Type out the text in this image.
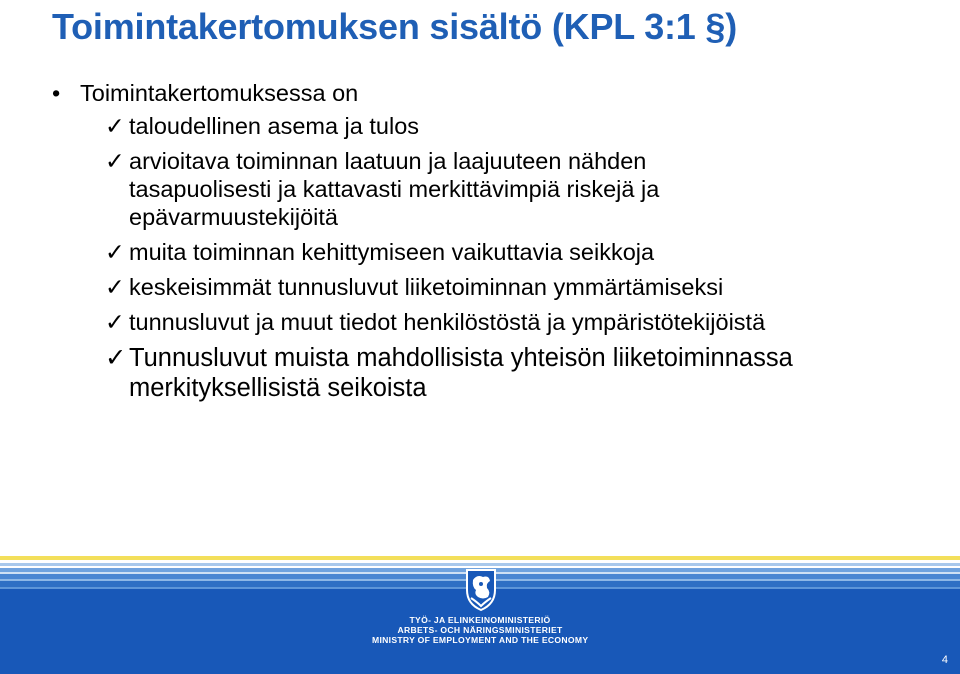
Toimintakertomuksen sisältö (KPL 3:1 §)
• Toimintakertomuksessa on
✓ taloudellinen asema ja tulos
✓ arvioitava toiminnan laatuun ja laajuuteen nähden
tasapuolisesti ja kattavasti merkittävimpiä riskejä ja
epävarmuustekijöitä
✓ muita toiminnan kehittymiseen vaikuttavia seikkoja
✓ keskeisimmät tunnusluvut liiketoiminnan ymmärtämiseksi
✓ tunnusluvut ja muut tiedot henkilöstöstä ja ympäristötekijöistä
✓ Tunnusluvut muista mahdollisista yhteisön liiketoiminnassa
merkityksellisistä seikoista
TYÖ- JA ELINKEINOMINISTERIÖ
ARBETS- OCH NÄRINGSMINISTERIET
MINISTRY OF EMPLOYMENT AND THE ECONOMY
4
